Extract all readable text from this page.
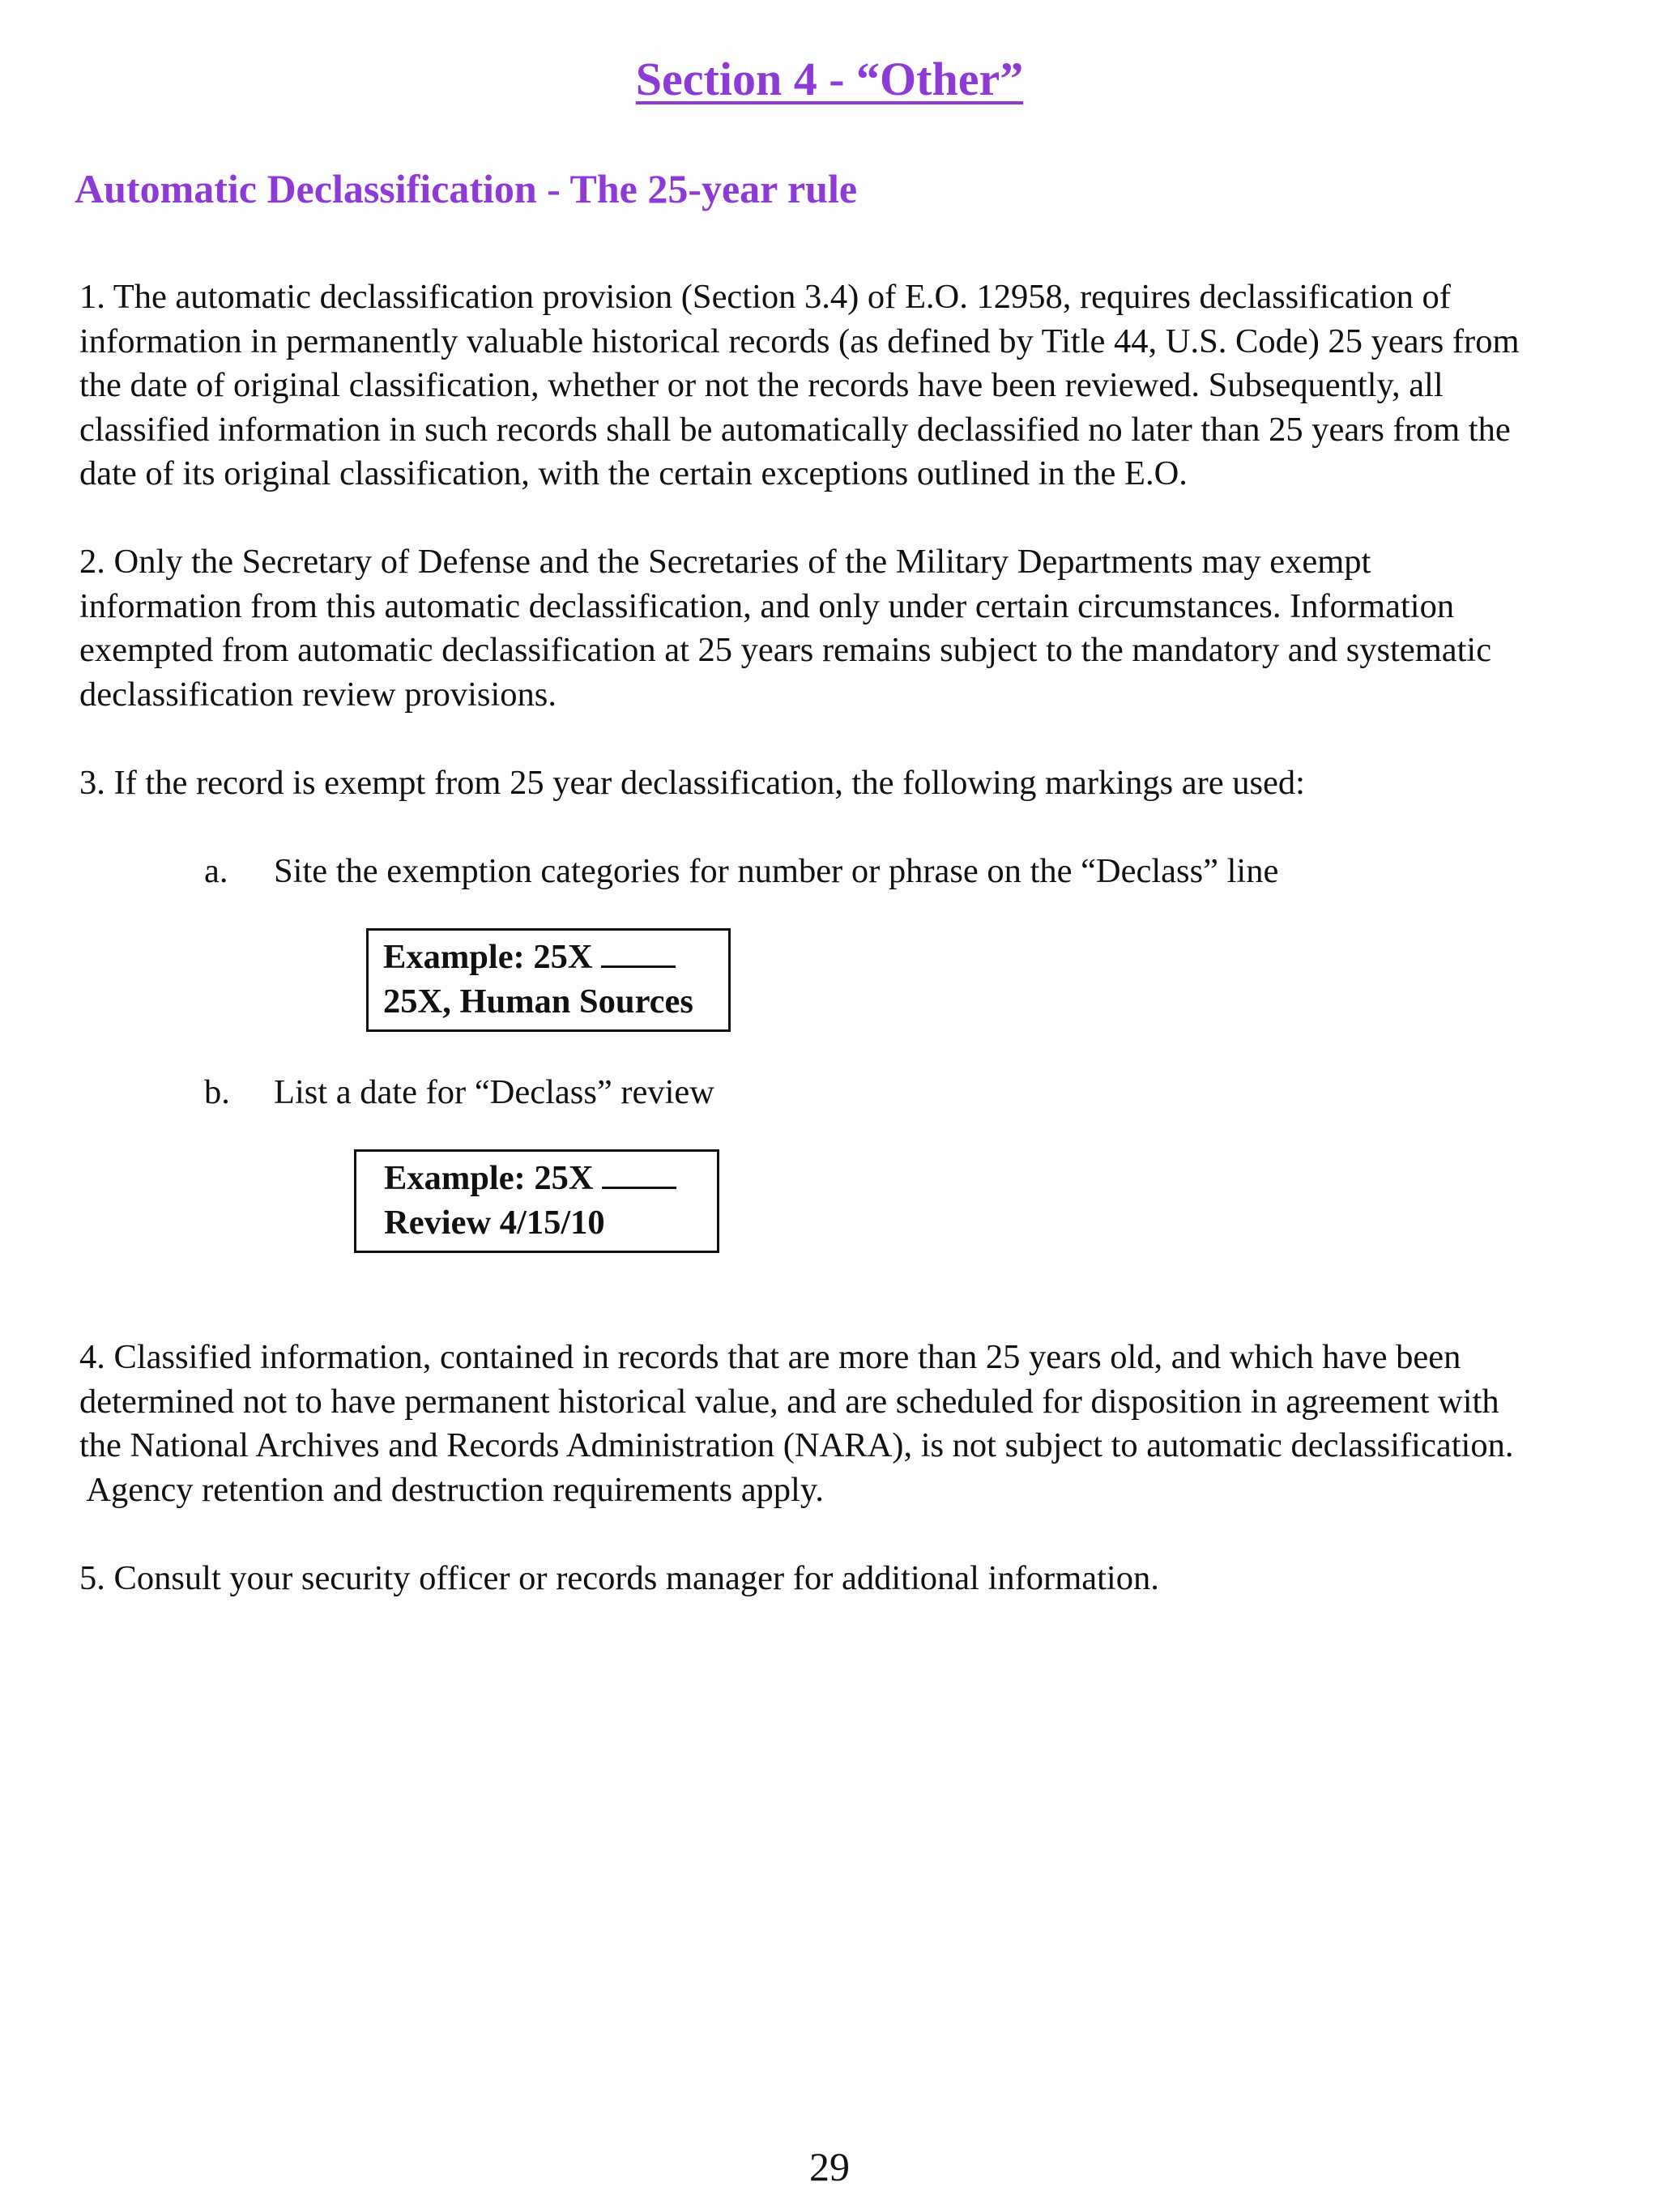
Section 4 - “Other”
Automatic Declassification - The 25-year rule
1. The automatic declassification provision (Section 3.4) of E.O. 12958, requires declassification of
information in permanently valuable historical records (as defined by Title 44, U.S. Code) 25 years from
the date of original classification, whether or not the records have been reviewed. Subsequently, all
classified information in such records shall be automatically declassified no later than 25 years from the
date of its original classification, with the certain exceptions outlined in the E.O.
2. Only the Secretary of Defense and the Secretaries of the Military Departments may exempt
information from this automatic declassification, and only under certain circumstances. Information
exempted from automatic declassification at 25 years remains subject to the mandatory and systematic
declassification review provisions.
3. If the record is exempt from 25 year declassification, the following markings are used:
a. Site the exemption categories for number or phrase on the “Declass” line
Example: 25X
25X, Human Sources
b. List a date for “Declass” review
Example: 25X
Review 4/15/10
4. Classified information, contained in records that are more than 25 years old, and which have been
determined not to have permanent historical value, and are scheduled for disposition in agreement with
the National Archives and Records Administration (NARA), is not subject to automatic declassification.
Agency retention and destruction requirements apply.
5. Consult your security officer or records manager for additional information.
29
